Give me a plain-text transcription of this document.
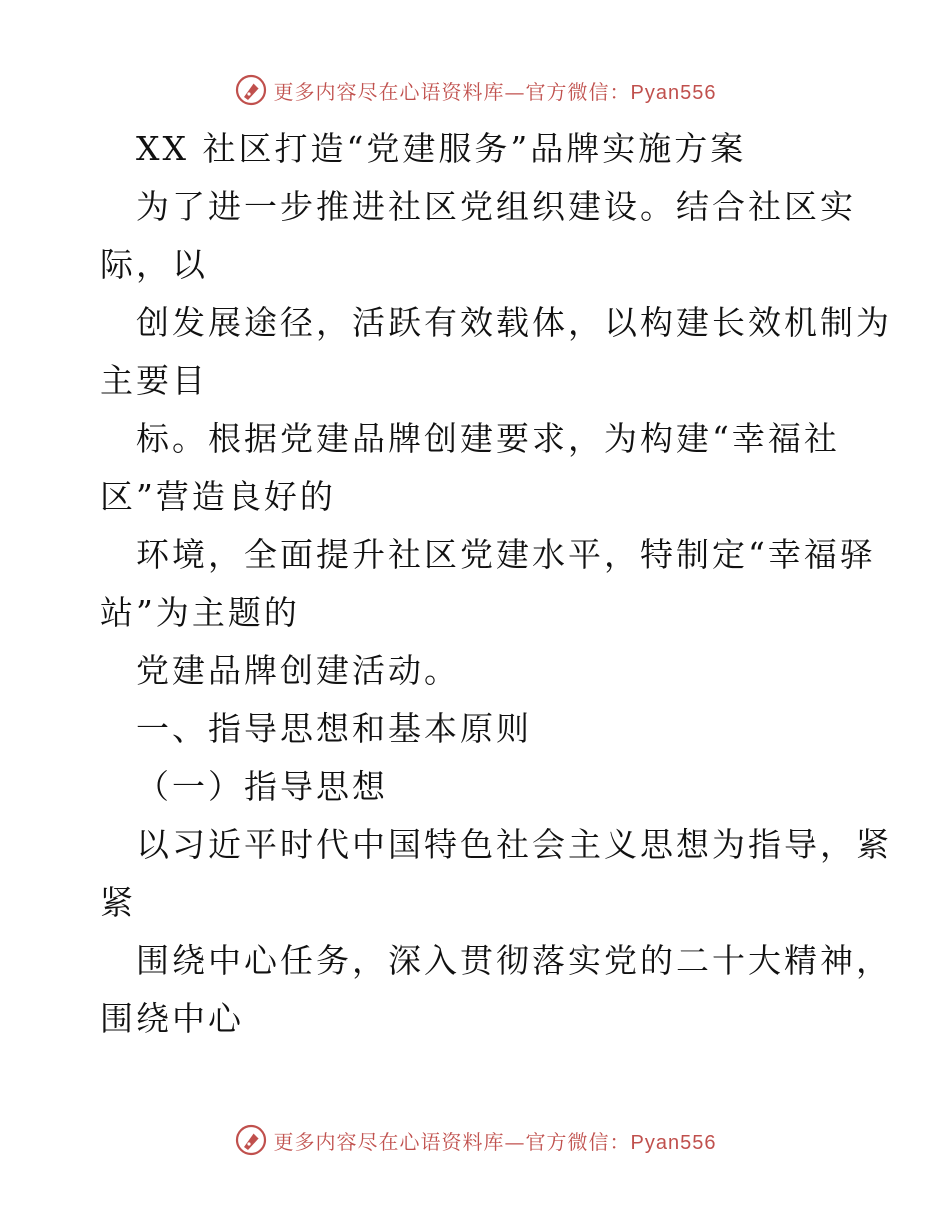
更多内容尽在心语资料库—官方微信：Pyan556
XX 社区打造“党建服务”品牌实施方案
为了进一步推进社区党组织建设。结合社区实
际，以
创发展途径，活跃有效载体，以构建长效机制为
主要目
标。根据党建品牌创建要求，为构建“幸福社
区”营造良好的
环境，全面提升社区党建水平，特制定“幸福驿
站”为主题的
党建品牌创建活动。
一、指导思想和基本原则
（一）指导思想
以习近平时代中国特色社会主义思想为指导，紧
紧
围绕中心任务，深入贯彻落实党的二十大精神，
围绕中心
更多内容尽在心语资料库—官方微信：Pyan556
